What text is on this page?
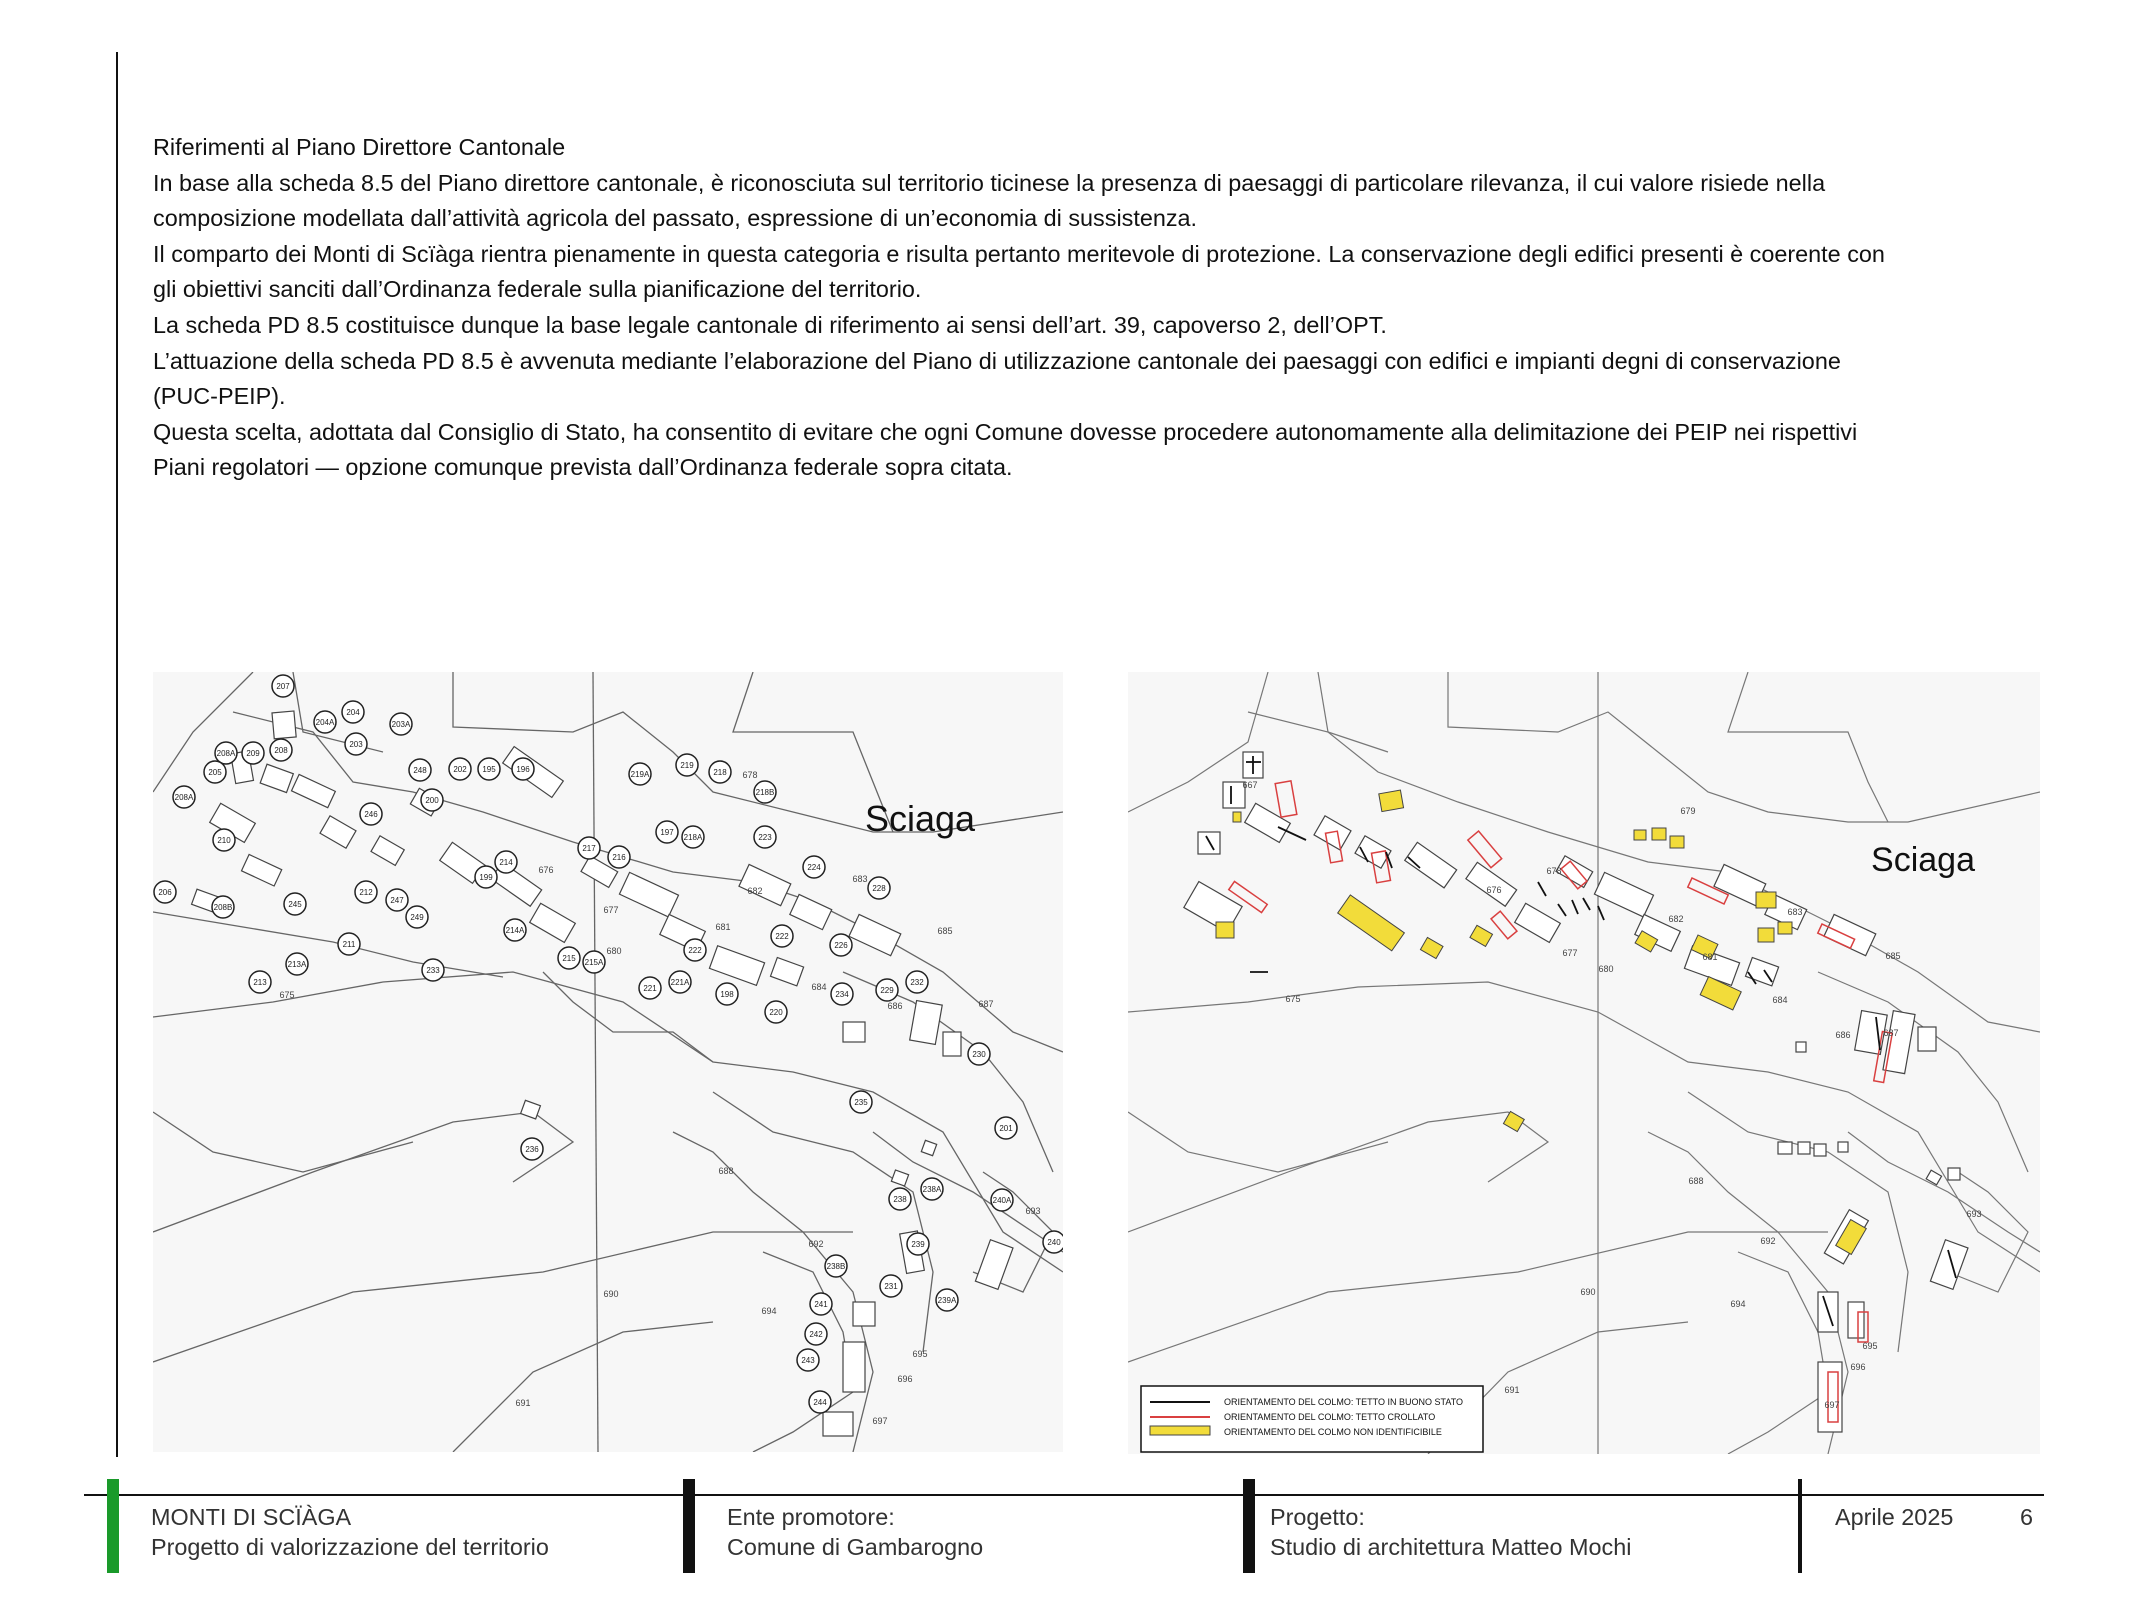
Riferimenti al Piano Direttore Cantonale

In base alla scheda 8.5 del Piano direttore cantonale, è riconosciuta sul territorio ticinese la presenza di paesaggi di particolare rilevanza, il cui valore risiede nella

composizione modellata dall’attività agricola del passato, espressione di un’economia di sussistenza.

Il comparto dei Monti di Scïàga rientra pienamente in questa categoria e risulta pertanto meritevole di protezione. La conservazione degli edifici presenti è coerente con

gli obiettivi sanciti dall’Ordinanza federale sulla pianificazione del territorio.

La scheda PD 8.5 costituisce dunque la base legale cantonale di riferimento ai sensi dell’art. 39, capoverso 2, dell’OPT.

L’attuazione della scheda PD 8.5 è avvenuta mediante l’elaborazione del Piano di utilizzazione cantonale dei paesaggi con edifici e impianti degni di conservazione

(PUC-PEIP).

Questa scelta, adottata dal Consiglio di Stato, ha consentito di evitare che ogni Comune dovesse procedere autonomamente alla delimitazione dei PEIP nei rispettivi

Piani regolatori — opzione comunque prevista dall’Ordinanza federale sopra citata.

207
204
204A	203A
203
208A 209 208
205
208A
248	202 195	196
219A
219
218
218B
210
200
246
199
214
217
216
197
218A	223
224
206
208B	245
212
247
249
228
222
226
211
213
213A
233
214A
215 215A
221
221A
222
198
220
229
232
234
230
235
236
201
238
238A
240A
239	240
238B
241	239A
242
243
244
231
675
676
677
678
681
682
683
684
685
686	687
688
690
691
692
693
694
695
696
697
680
Sciaga
667
679
678
676
675
677
680
681
682
683
684
685
686	687
688
690
691
692
693
694
695
696
697
Sciaga
ORIENTAMENTO DEL COLMO: TETTO IN BUONO STATO
ORIENTAMENTO DEL COLMO: TETTO CROLLATO
ORIENTAMENTO DEL COLMO NON IDENTIFICIBILE
MONTI DI SCÏÀGA
Progetto di valorizzazione del territorio
Ente promotore:
Comune di Gambarogno
Progetto:
Studio di architettura Matteo Mochi
Aprile 2025	6
